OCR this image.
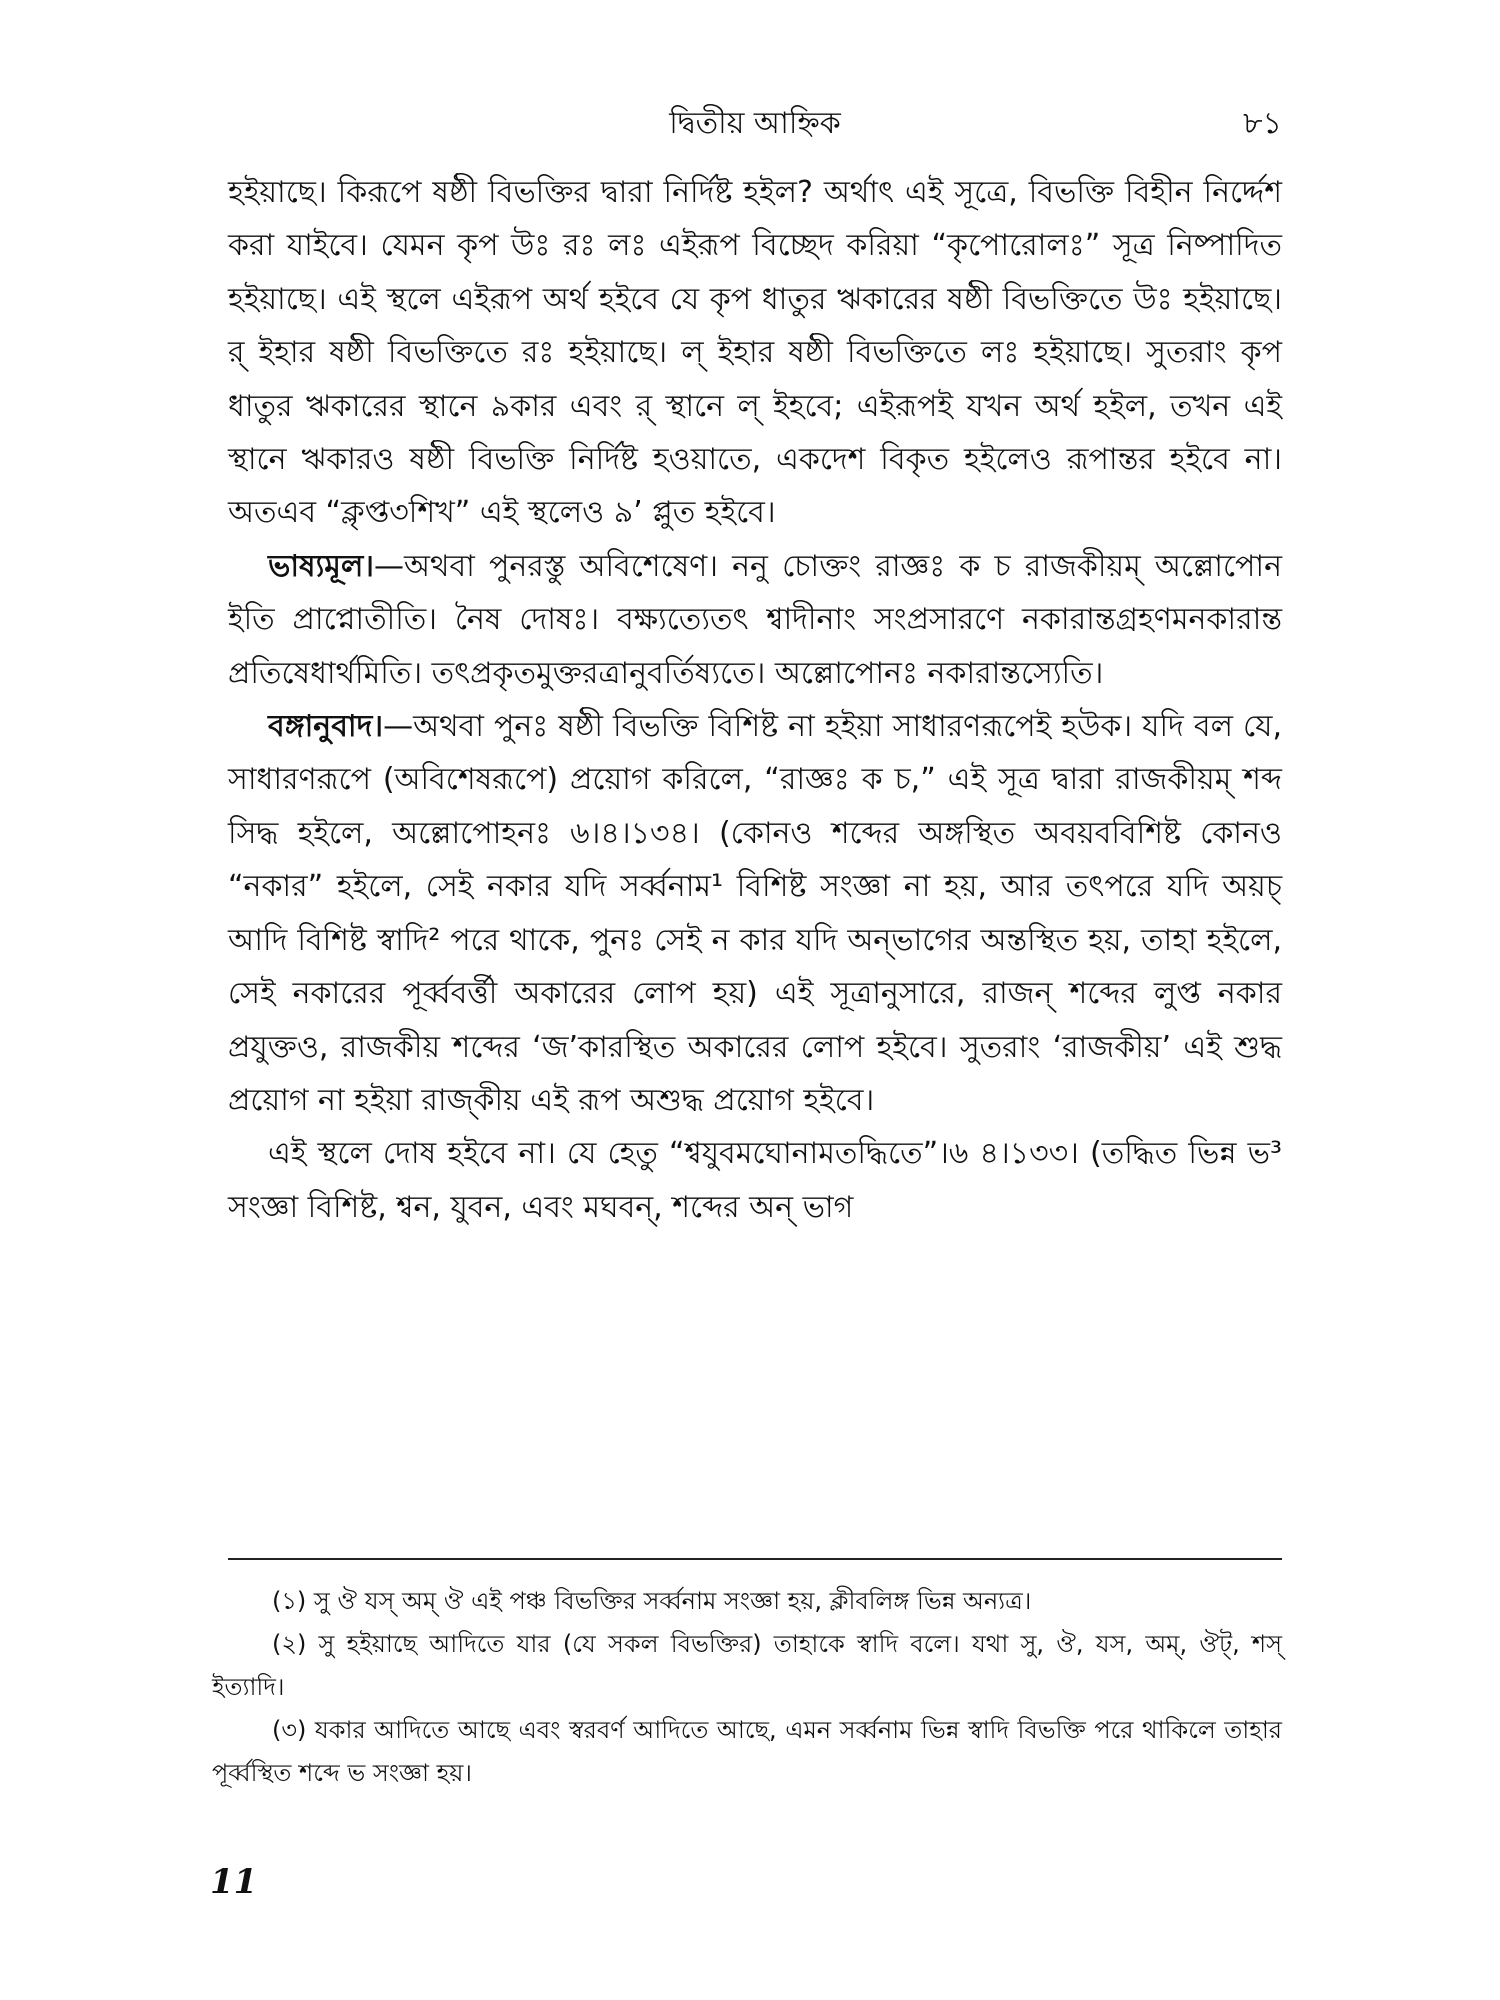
দ্বিতীয় আহ্নিক	৮১

হইয়াছে। কিরূপে ষষ্ঠী বিভক্তির দ্বারা নির্দিষ্ট হইল? অর্থাৎ এই সূত্রে, বিভক্তি বিহীন নির্দ্দেশ করা যাইবে। যেমন কৃপ উঃ রঃ লঃ এইরূপ বিচ্ছেদ করিয়া “কৃপোরোলঃ” সূত্র নিষ্পাদিত হইয়াছে। এই স্থলে এইরূপ অর্থ হইবে যে কৃপ ধাতুর ঋকারের ষষ্ঠী বিভক্তিতে উঃ হইয়াছে। র্ ইহার ষষ্ঠী বিভক্তিতে রঃ হইয়াছে। ল্ ইহার ষষ্ঠী বিভক্তিতে লঃ হইয়াছে। সুতরাং কৃপ ধাতুর ঋকারের স্থানে ৯কার এবং র্ স্থানে ল্ ইহবে; এইরূপই যখন অর্থ হইল, তখন এই স্থানে ঋকারও ষষ্ঠী বিভক্তি নির্দিষ্ট হওয়াতে, একদেশ বিকৃত হইলেও রূপান্তর হইবে না। অতএব “ক্লৃপ্ত৩শিখ” এই স্থলেও ৯’ প্লুত হইবে।

ভাষ্যমূল।—অথবা পুনরস্তু অবিশেষেণ। ননু চোক্তং রাজ্ঞঃ ক চ রাজকীয়ম্ অল্লোপোন ইতি প্রাপ্নোতীতি। নৈষ দোষঃ। বক্ষ্যত্যেতৎ শ্বাদীনাং সংপ্রসারণে নকারান্তগ্রহণমনকারান্ত প্রতিষেধার্থমিতি। তৎপ্রকৃতমুক্তরত্রানুবর্তিষ্যতে। অল্লোপোনঃ নকারান্তস্যেতি।

বঙ্গানুবাদ।—অথবা পুনঃ ষষ্ঠী বিভক্তি বিশিষ্ট না হইয়া সাধারণরূপেই হউক। যদি বল যে, সাধারণরূপে (অবিশেষরূপে) প্রয়োগ করিলে, “রাজ্ঞঃ ক চ,” এই সূত্র দ্বারা রাজকীয়ম্ শব্দ সিদ্ধ হইলে, অল্লোপোহনঃ ৬।৪।১৩৪। (কোনও শব্দের অঙ্গস্থিত অবয়ববিশিষ্ট কোনও “নকার” হইলে, সেই নকার যদি সর্ব্বনাম¹ বিশিষ্ট সংজ্ঞা না হয়, আর তৎপরে যদি অয়চ্ আদি বিশিষ্ট স্বাদি² পরে থাকে, পুনঃ সেই ন কার যদি অন্‌ভাগের অন্তস্থিত হয়, তাহা হইলে, সেই নকারের পূর্ব্ববর্ত্তী অকারের লোপ হয়) এই সূত্রানুসারে, রাজন্ শব্দের লুপ্ত নকার প্রযুক্তও, রাজকীয় শব্দের ‘জ’কারস্থিত অকারের লোপ হইবে। সুতরাং ‘রাজকীয়’ এই শুদ্ধ প্রয়োগ না হইয়া রাজ্‌কীয় এই রূপ অশুদ্ধ প্রয়োগ হইবে।

এই স্থলে দোষ হইবে না। যে হেতু “শ্বযুবমঘোনামতদ্ধিতে”।৬ ৪।১৩৩। (তদ্ধিত ভিন্ন ভ³ সংজ্ঞা বিশিষ্ট, শ্বন, যুবন, এবং মঘবন্, শব্দের অন্ ভাগ

(১) সু ঔ যস্ অম্ ঔ এই পঞ্চ বিভক্তির সর্ব্বনাম সংজ্ঞা হয়, ক্লীবলিঙ্গ ভিন্ন অন্যত্র।

(২) সু হইয়াছে আদিতে যার (যে সকল বিভক্তির) তাহাকে স্বাদি বলে। যথা সু, ঔ, যস, অম্, ঔট্, শস্ ইত্যাদি।

(৩) যকার আদিতে আছে এবং স্বরবর্ণ আদিতে আছে, এমন সর্ব্বনাম ভিন্ন স্বাদি বিভক্তি পরে থাকিলে তাহার পূর্ব্বস্থিত শব্দে ভ সংজ্ঞা হয়।

11
